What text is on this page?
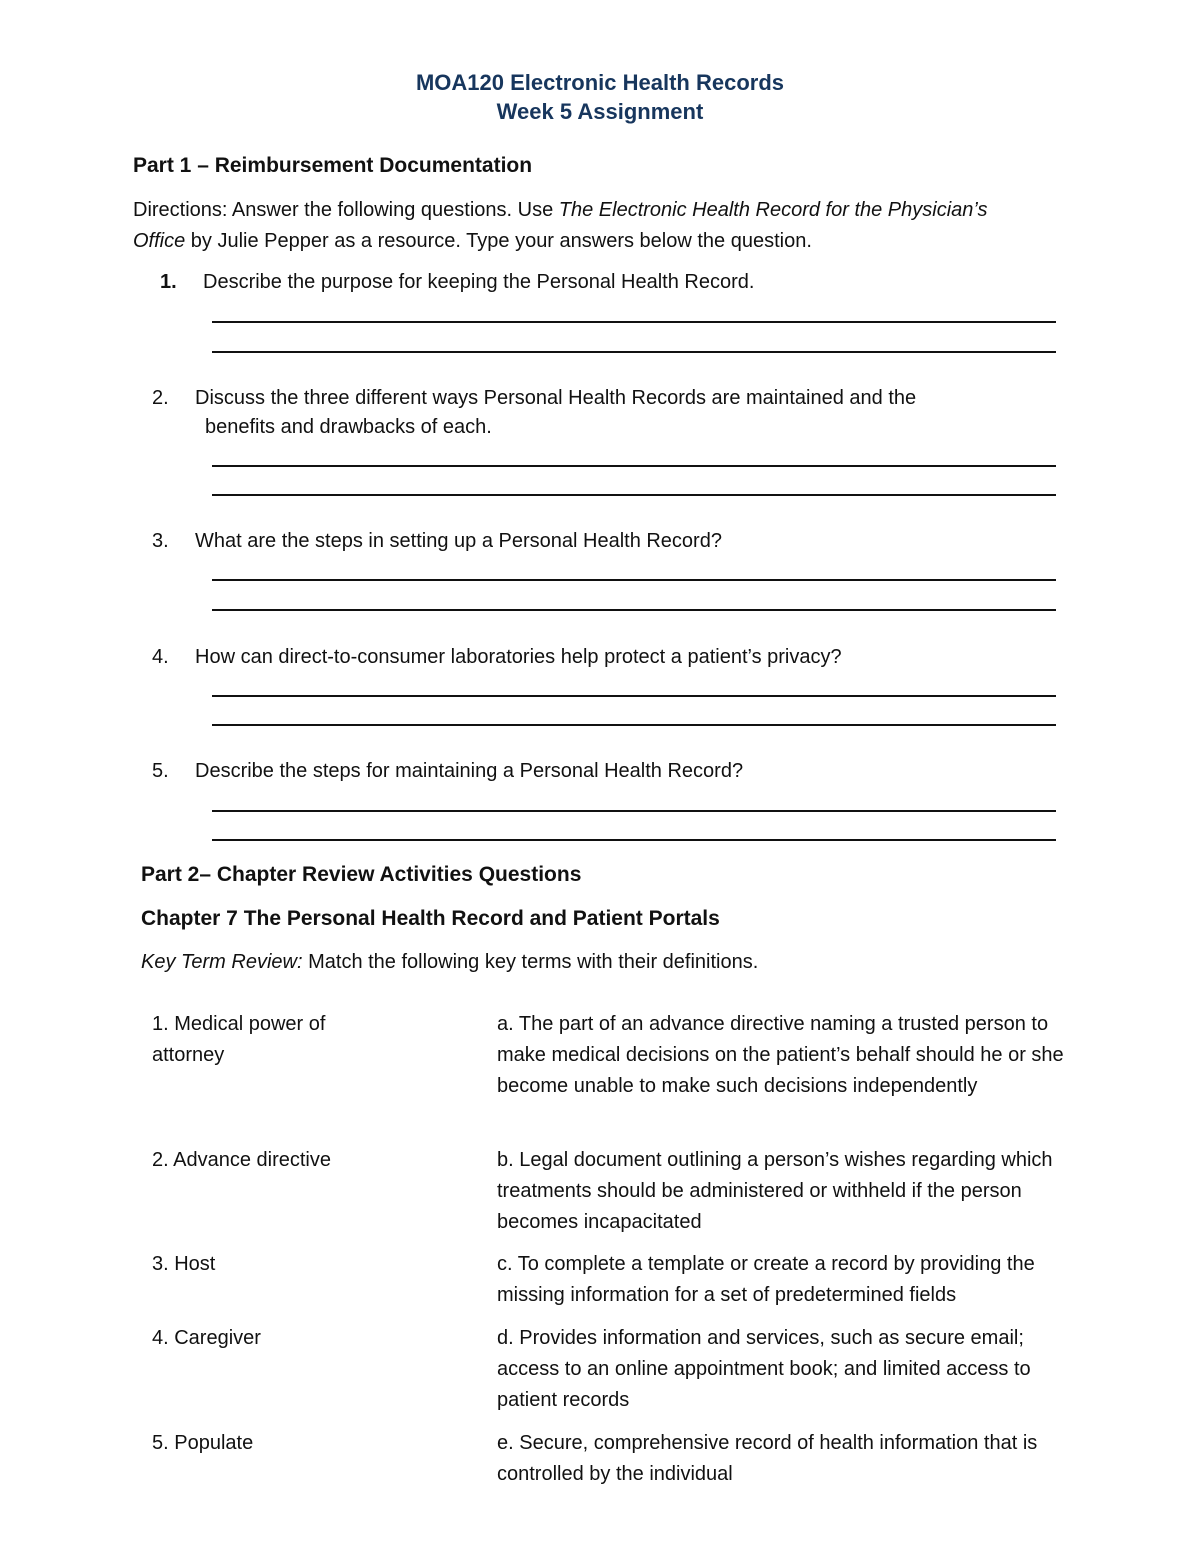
MOA120 Electronic Health Records
Week 5 Assignment
Part 1 – Reimbursement Documentation
Directions: Answer the following questions. Use The Electronic Health Record for the Physician’s
Office by Julie Pepper as a resource. Type your answers below the question.
1. Describe the purpose for keeping the Personal Health Record.
2. Discuss the three different ways Personal Health Records are maintained and the
benefits and drawbacks of each.
3. What are the steps in setting up a Personal Health Record?
4. How can direct-to-consumer laboratories help protect a patient’s privacy?
5. Describe the steps for maintaining a Personal Health Record?
Part 2– Chapter Review Activities Questions
Chapter 7 The Personal Health Record and Patient Portals
Key Term Review: Match the following key terms with their definitions.
1. Medical power of attorney
a. The part of an advance directive naming a trusted person to make medical decisions on the patient’s behalf should he or she become unable to make such decisions independently
2. Advance directive	b. Legal document outlining a person’s wishes regarding which treatments should be administered or withheld if the person becomes incapacitated
3. Host	c. To complete a template or create a record by providing the missing information for a set of predetermined fields
4. Caregiver	d. Provides information and services, such as secure email; access to an online appointment book; and limited access to patient records
5. Populate	e. Secure, comprehensive record of health information that is controlled by the individual
